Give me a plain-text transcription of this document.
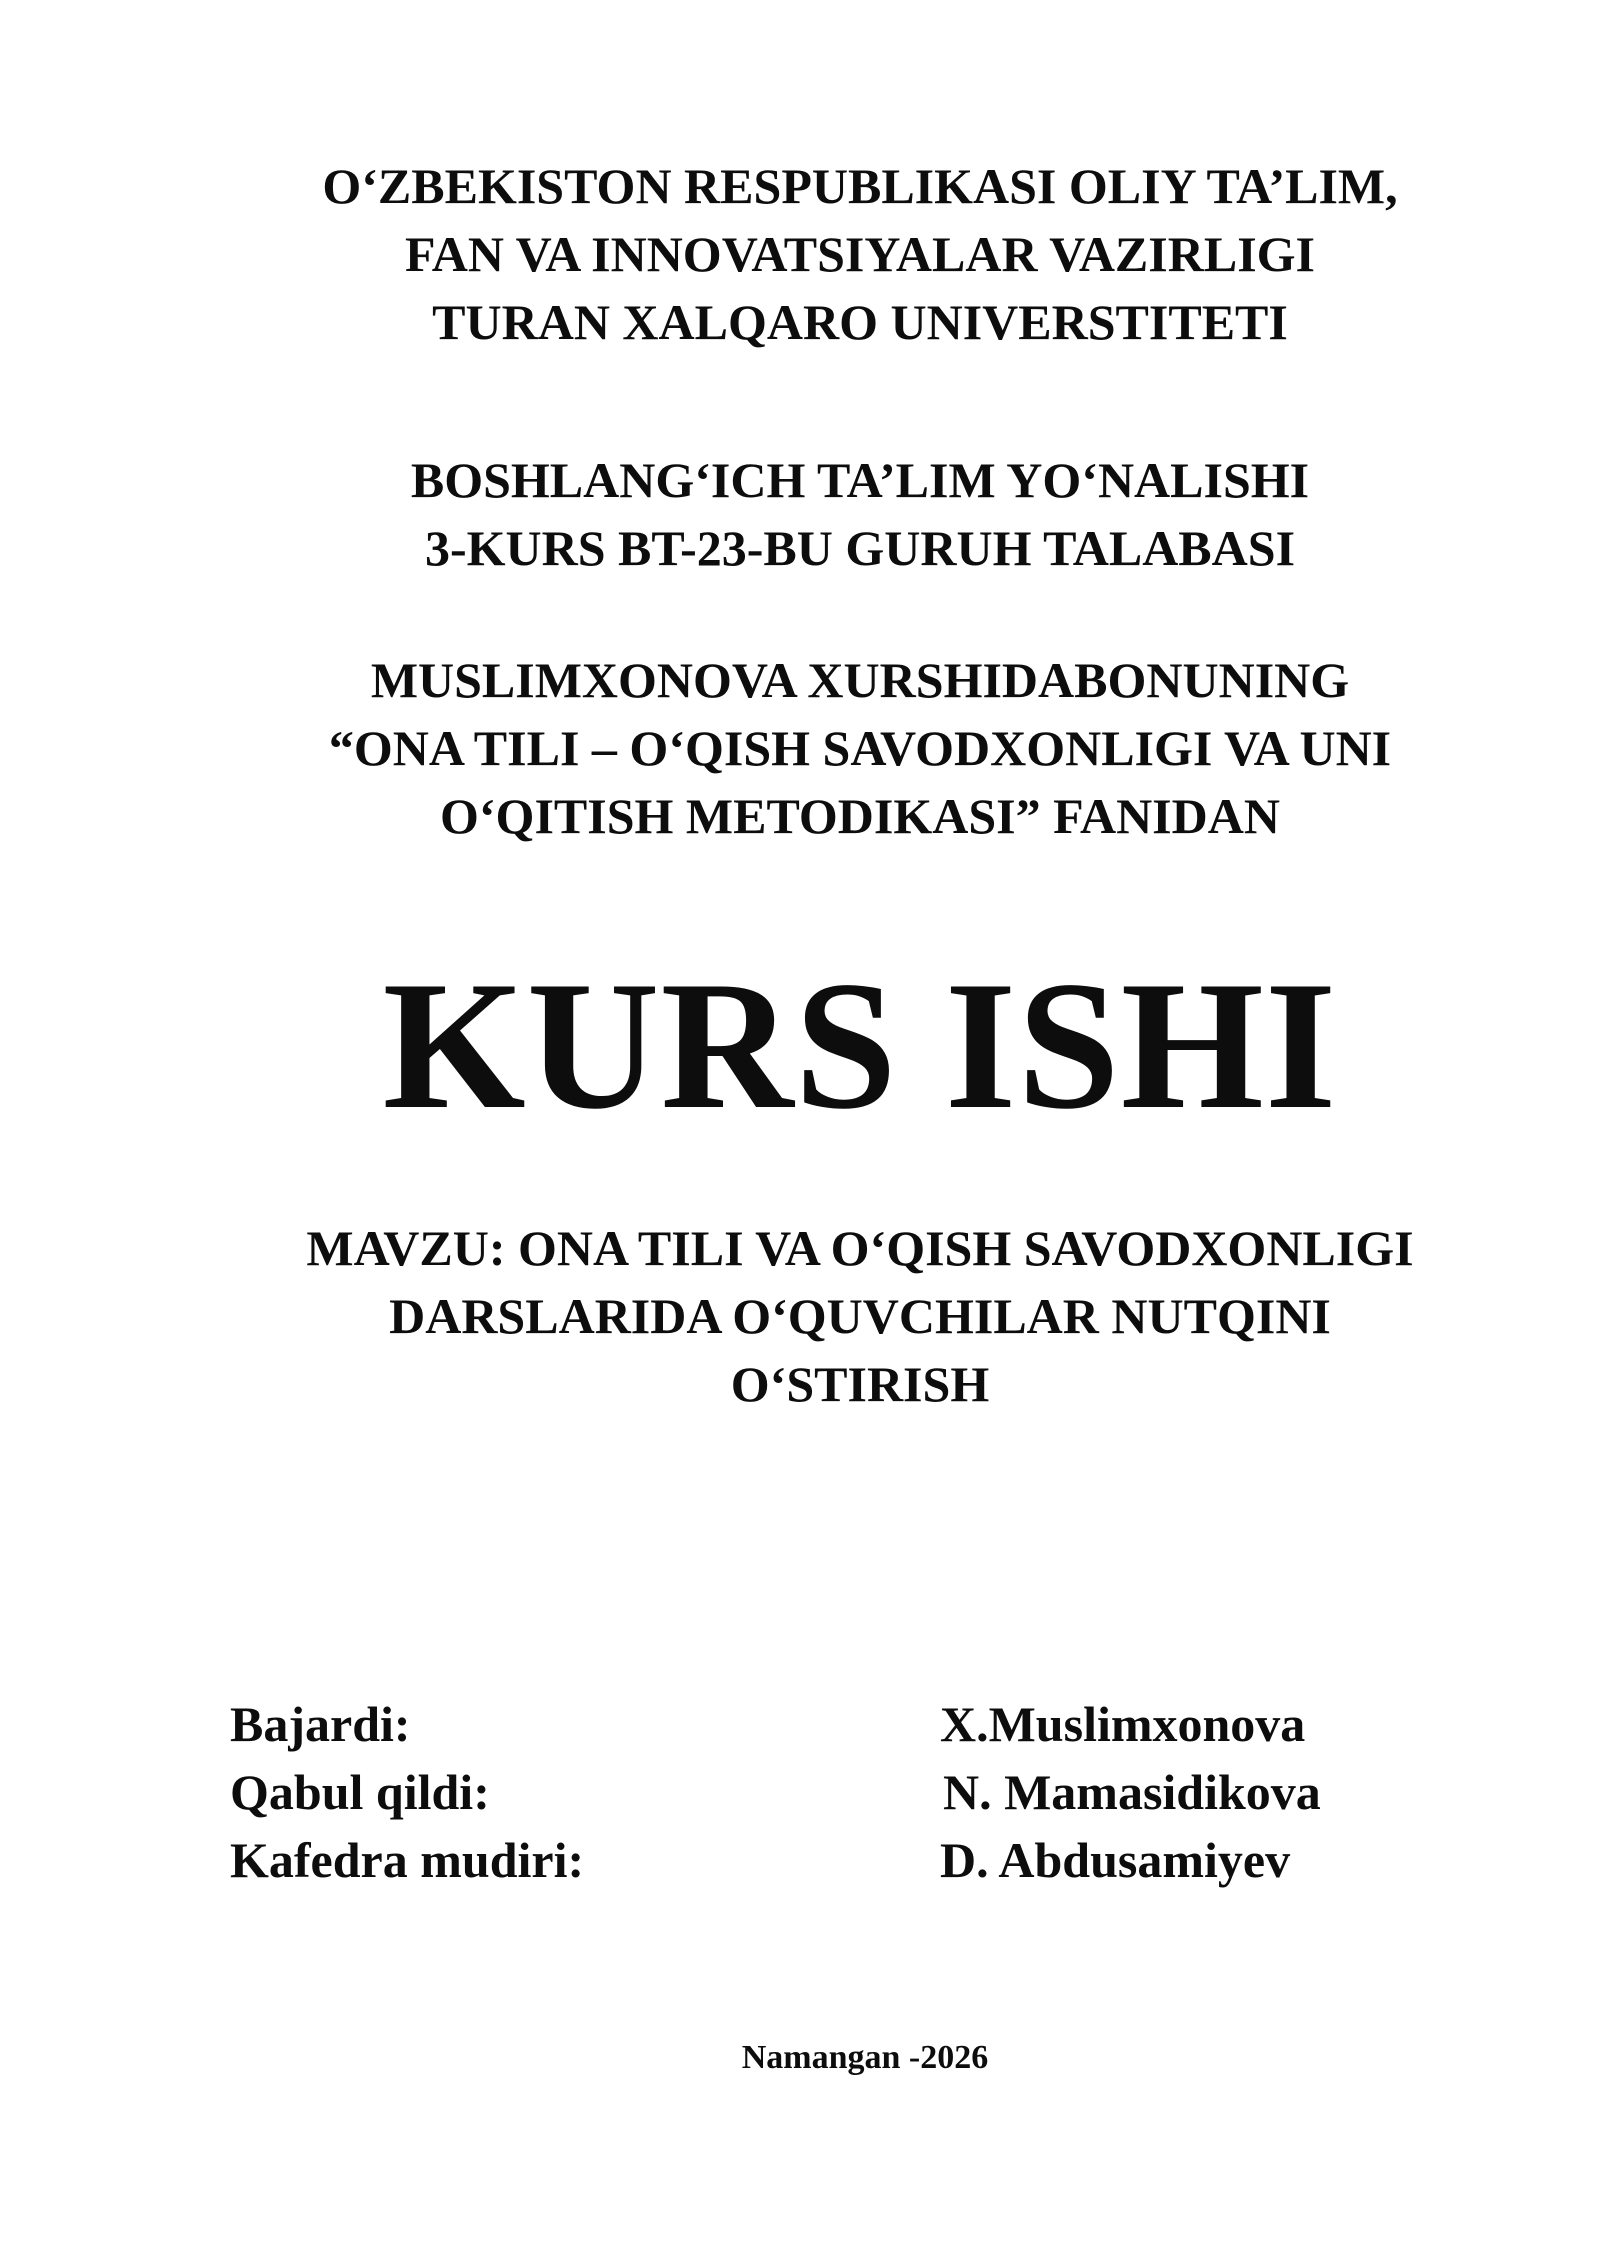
O‘ZBEKISTON RESPUBLIKASI OLIY TA’LIM,
FAN VA INNOVATSIYALAR VAZIRLIGI
TURAN XALQARO UNIVERSTITETI
BOSHLANG‘ICH TA’LIM YO‘NALISHI
3-KURS BT-23-BU GURUH TALABASI
MUSLIMXONOVA XURSHIDABONUNING
“ONA TILI – O‘QISH SAVODXONLIGI VA UNI
O‘QITISH METODIKASI” FANIDAN
KURS ISHI
MAVZU: ONA TILI VA O‘QISH SAVODXONLIGI
DARSLARIDA O‘QUVCHILAR NUTQINI
O‘STIRISH
Bajardi:	X.Muslimxonova
Qabul qildi:	N. Mamasidikova
Kafedra mudiri:	D. Abdusamiyev
Namangan -2026
